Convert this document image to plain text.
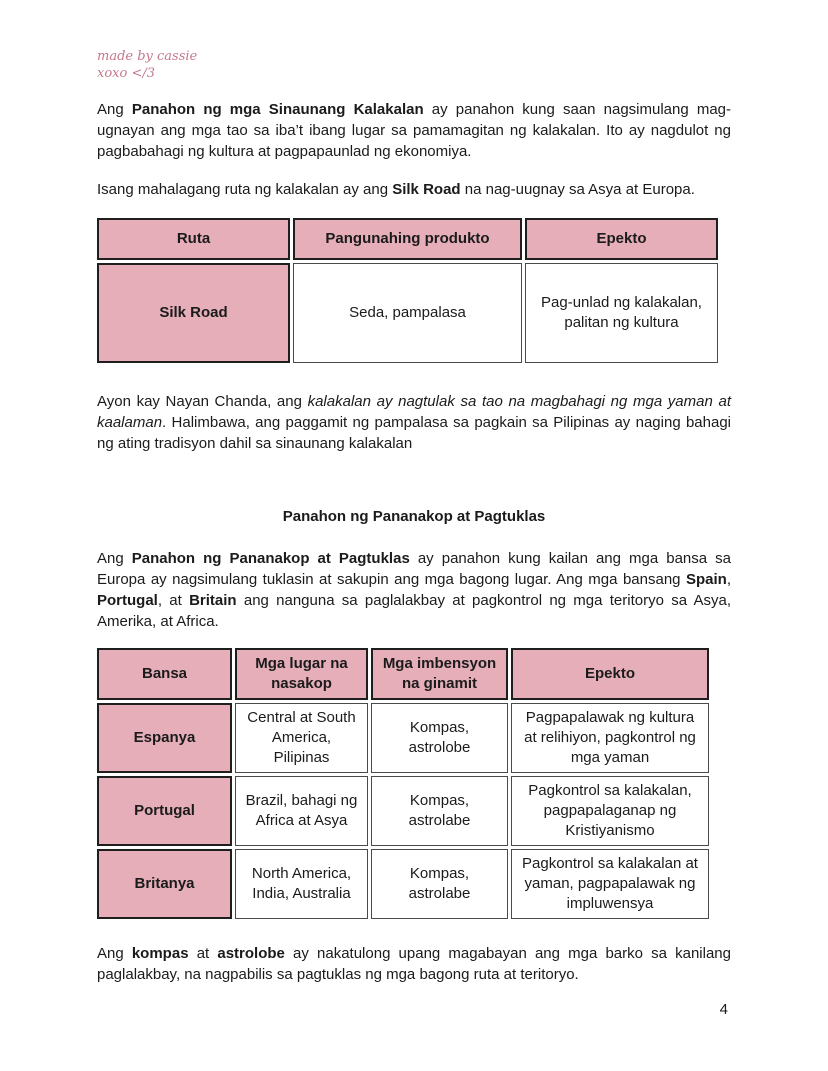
made by cassie
xoxo </3

Ang Panahon ng mga Sinaunang Kalakalan ay panahon kung saan nagsimulang mag-ugnayan ang mga tao sa iba’t ibang lugar sa pamamagitan ng kalakalan. Ito ay nagdulot ng pagbabahagi ng kultura at pagpapaunlad ng ekonomiya.

Isang mahalagang ruta ng kalakalan ay ang Silk Road na nag-uugnay sa Asya at Europa.

Ruta	Pangunahing produkto	Epekto
Silk Road	Seda, pampalasa	Pag-unlad ng kalakalan, palitan ng kultura

Ayon kay Nayan Chanda, ang kalakalan ay nagtulak sa tao na magbahagi ng mga yaman at kaalaman. Halimbawa, ang paggamit ng pampalasa sa pagkain sa Pilipinas ay naging bahagi ng ating tradisyon dahil sa sinaunang kalakalan

Panahon ng Pananakop at Pagtuklas

Ang Panahon ng Pananakop at Pagtuklas ay panahon kung kailan ang mga bansa sa Europa ay nagsimulang tuklasin at sakupin ang mga bagong lugar. Ang mga bansang Spain, Portugal, at Britain ang nanguna sa paglalakbay at pagkontrol ng mga teritoryo sa Asya, Amerika, at Africa.

Bansa	Mga lugar na nasakop	Mga imbensyon na ginamit	Epekto
Espanya	Central at South America, Pilipinas	Kompas, astrolobe	Pagpapalawak ng kultura at relihiyon, pagkontrol ng mga yaman
Portugal	Brazil, bahagi ng Africa at Asya	Kompas, astrolabe	Pagkontrol sa kalakalan, pagpapalaganap ng Kristiyanismo
Britanya	North America, India, Australia	Kompas, astrolabe	Pagkontrol sa kalakalan at yaman, pagpapalawak ng impluwensya

Ang kompas at astrolobe ay nakatulong upang magabayan ang mga barko sa kanilang paglalakbay, na nagpabilis sa pagtuklas ng mga bagong ruta at teritoryo.

4
